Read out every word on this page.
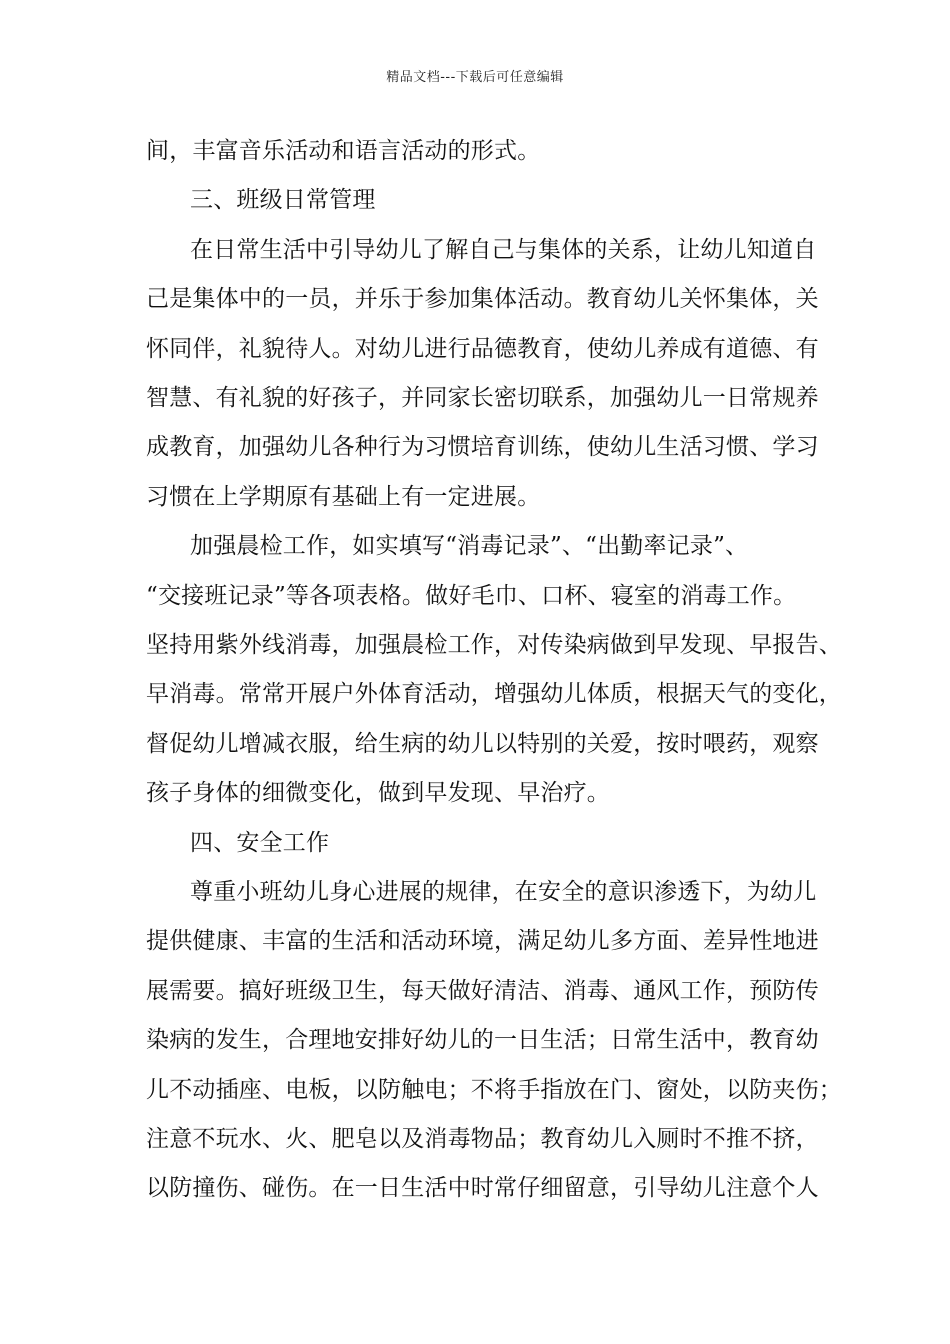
精品文档---下载后可任意编辑
间，丰富音乐活动和语言活动的形式。
三、班级日常管理
在日常生活中引导幼儿了解自己与集体的关系，让幼儿知道自
己是集体中的一员，并乐于参加集体活动。教育幼儿关怀集体，关
怀同伴，礼貌待人。对幼儿进行品德教育，使幼儿养成有道德、有
智慧、有礼貌的好孩子，并同家长密切联系，加强幼儿一日常规养
成教育，加强幼儿各种行为习惯培育训练，使幼儿生活习惯、学习
习惯在上学期原有基础上有一定进展。
加强晨检工作，如实填写“消毒记录”、“出勤率记录”、
“交接班记录”等各项表格。做好毛巾、口杯、寝室的消毒工作。
坚持用紫外线消毒，加强晨检工作，对传染病做到早发现、早报告、
早消毒。常常开展户外体育活动，增强幼儿体质，根据天气的变化，
督促幼儿增减衣服，给生病的幼儿以特别的关爱，按时喂药，观察
孩子身体的细微变化，做到早发现、早治疗。
四、安全工作
尊重小班幼儿身心进展的规律，在安全的意识渗透下，为幼儿
提供健康、丰富的生活和活动环境，满足幼儿多方面、差异性地进
展需要。搞好班级卫生，每天做好清洁、消毒、通风工作，预防传
染病的发生，合理地安排好幼儿的一日生活；日常生活中，教育幼
儿不动插座、电板，以防触电；不将手指放在门、窗处，以防夹伤；
注意不玩水、火、肥皂以及消毒物品；教育幼儿入厕时不推不挤，
以防撞伤、碰伤。在一日生活中时常仔细留意，引导幼儿注意个人
